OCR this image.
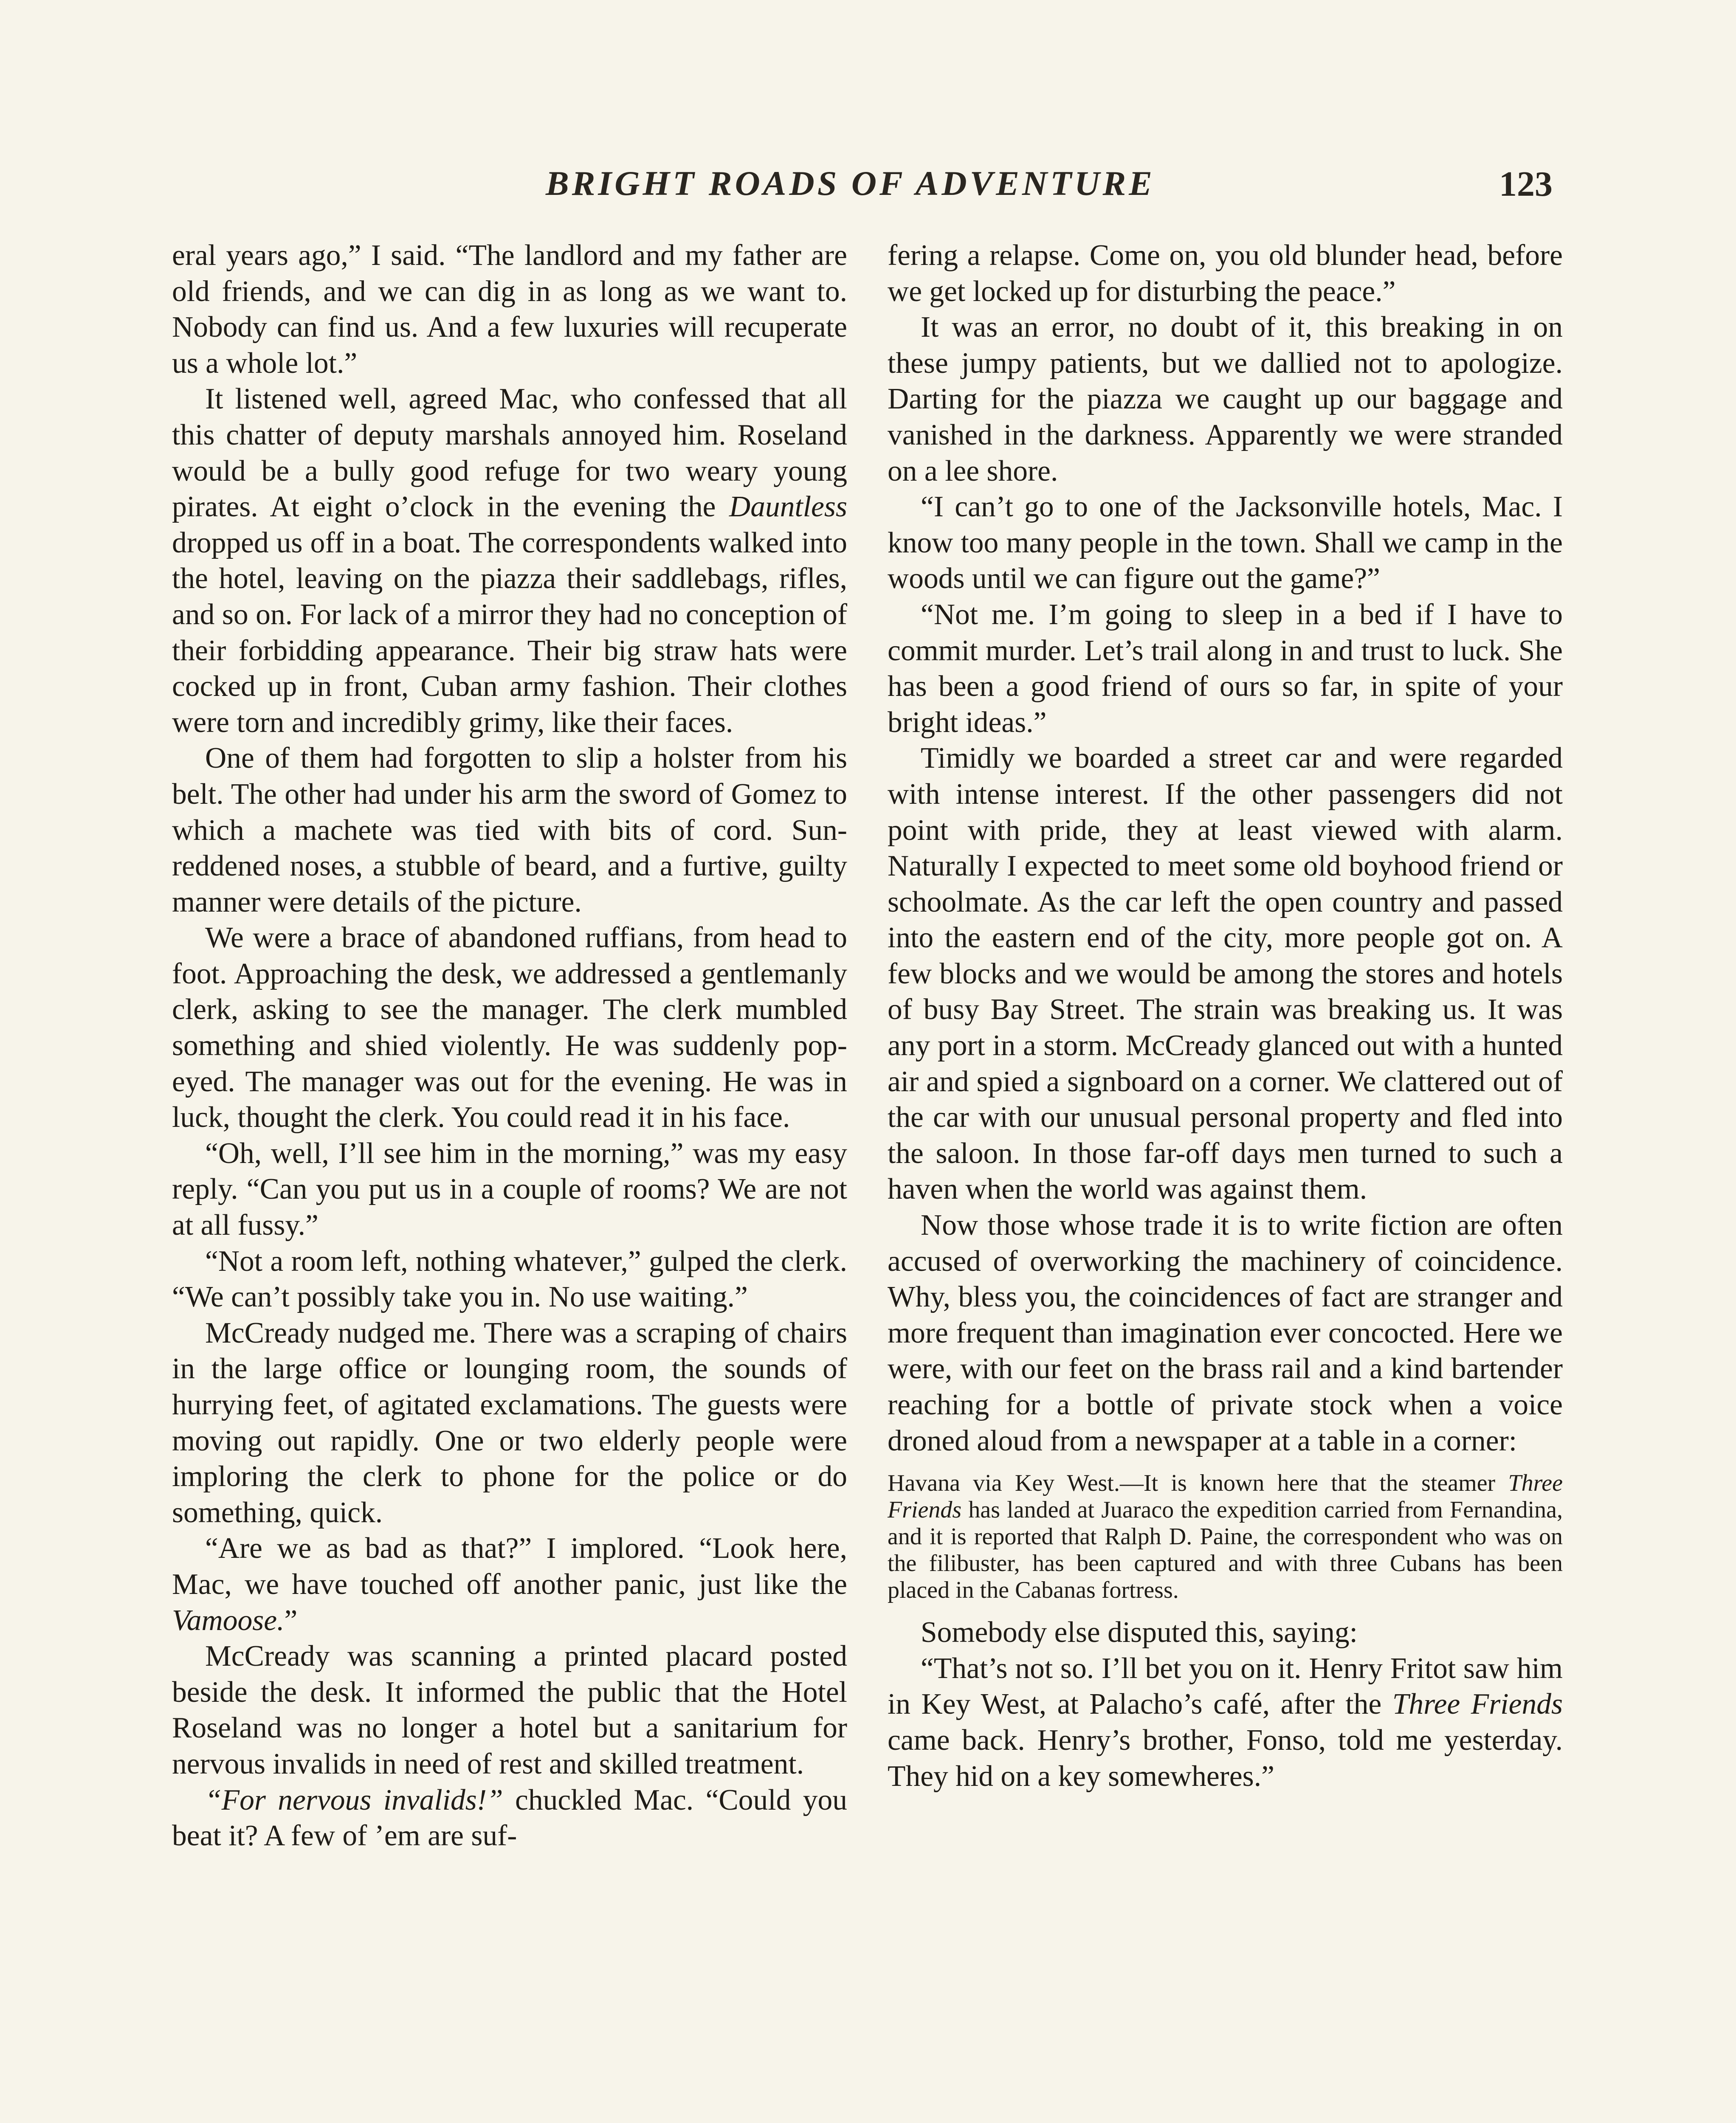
BRIGHT ROADS OF ADVENTURE	123

eral years ago,” I said. “The landlord and my father are old friends, and we can dig in as long as we want to. Nobody can find us. And a few luxuries will recuperate us a whole lot.”

It listened well, agreed Mac, who confessed that all this chatter of deputy marshals annoyed him. Roseland would be a bully good refuge for two weary young pirates. At eight o’clock in the evening the Dauntless dropped us off in a boat. The correspondents walked into the hotel, leaving on the piazza their saddlebags, rifles, and so on. For lack of a mirror they had no conception of their forbidding appearance. Their big straw hats were cocked up in front, Cuban army fashion. Their clothes were torn and incredibly grimy, like their faces.

One of them had forgotten to slip a holster from his belt. The other had under his arm the sword of Gomez to which a machete was tied with bits of cord. Sun-reddened noses, a stubble of beard, and a furtive, guilty manner were details of the picture.

We were a brace of abandoned ruffians, from head to foot. Approaching the desk, we addressed a gentlemanly clerk, asking to see the manager. The clerk mumbled something and shied violently. He was suddenly pop-eyed. The manager was out for the evening. He was in luck, thought the clerk. You could read it in his face.

“Oh, well, I’ll see him in the morning,” was my easy reply. “Can you put us in a couple of rooms? We are not at all fussy.”

“Not a room left, nothing whatever,” gulped the clerk. “We can’t possibly take you in. No use waiting.”

McCready nudged me. There was a scraping of chairs in the large office or lounging room, the sounds of hurrying feet, of agitated exclamations. The guests were moving out rapidly. One or two elderly people were imploring the clerk to phone for the police or do something, quick.

“Are we as bad as that?” I implored. “Look here, Mac, we have touched off another panic, just like the Vamoose.”

McCready was scanning a printed placard posted beside the desk. It informed the public that the Hotel Roseland was no longer a hotel but a sanitarium for nervous invalids in need of rest and skilled treatment.

“For nervous invalids!” chuckled Mac. “Could you beat it? A few of ’em are suf-

fering a relapse. Come on, you old blunder head, before we get locked up for disturbing the peace.”

It was an error, no doubt of it, this breaking in on these jumpy patients, but we dallied not to apologize. Darting for the piazza we caught up our baggage and vanished in the darkness. Apparently we were stranded on a lee shore.

“I can’t go to one of the Jacksonville hotels, Mac. I know too many people in the town. Shall we camp in the woods until we can figure out the game?”

“Not me. I’m going to sleep in a bed if I have to commit murder. Let’s trail along in and trust to luck. She has been a good friend of ours so far, in spite of your bright ideas.”

Timidly we boarded a street car and were regarded with intense interest. If the other passengers did not point with pride, they at least viewed with alarm. Naturally I expected to meet some old boyhood friend or schoolmate. As the car left the open country and passed into the eastern end of the city, more people got on. A few blocks and we would be among the stores and hotels of busy Bay Street. The strain was breaking us. It was any port in a storm. McCready glanced out with a hunted air and spied a signboard on a corner. We clattered out of the car with our unusual personal property and fled into the saloon. In those far-off days men turned to such a haven when the world was against them.

Now those whose trade it is to write fiction are often accused of overworking the machinery of coincidence. Why, bless you, the coincidences of fact are stranger and more frequent than imagination ever concocted. Here we were, with our feet on the brass rail and a kind bartender reaching for a bottle of private stock when a voice droned aloud from a newspaper at a table in a corner:

Havana via Key West.—It is known here that the steamer Three Friends has landed at Juaraco the expedition carried from Fernandina, and it is reported that Ralph D. Paine, the correspondent who was on the filibuster, has been captured and with three Cubans has been placed in the Cabanas fortress.

Somebody else disputed this, saying:

“That’s not so. I’ll bet you on it. Henry Fritot saw him in Key West, at Palacho’s café, after the Three Friends came back. Henry’s brother, Fonso, told me yesterday. They hid on a key somewheres.”
